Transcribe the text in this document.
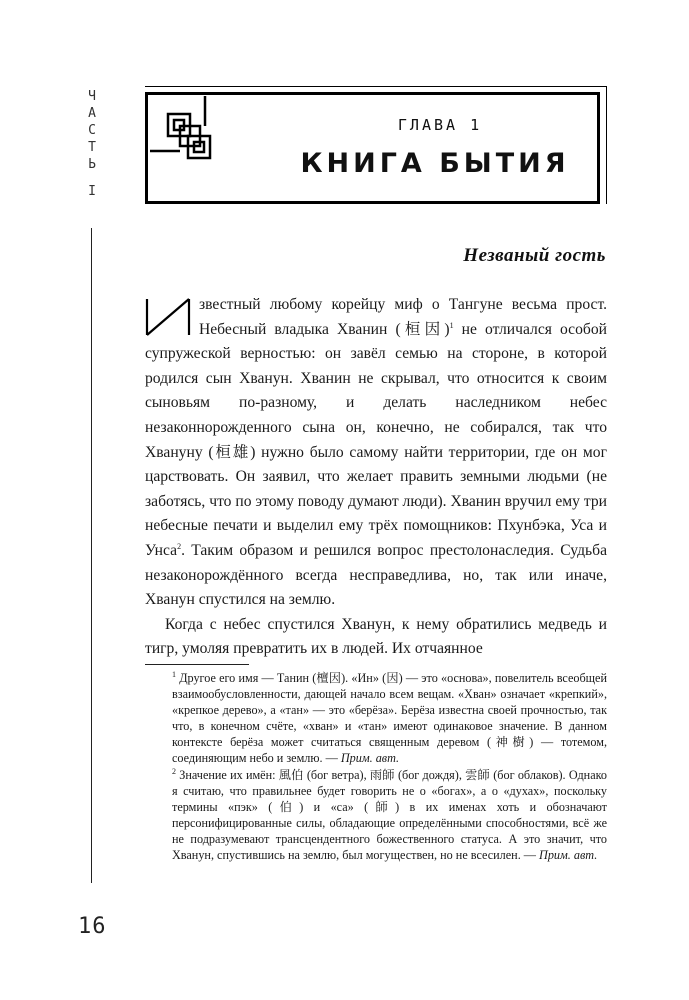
Ч
А
С
Т
Ь
I
16
ГЛАВА 1
КНИГА БЫТИЯ
Незваный гость

звестный любому корейцу миф о Тангуне весьма прост. Небесный владыка Хванин (桓因)$^1$ не отличался особой супружеской верностью: он завёл семью на стороне, в которой родился сын Хванун. Хванин не скрывал, что относится к своим сыновьям по-разному, и делать наследником небес незаконнорожденного сына он, конечно, не собирался, так что Хвануну (桓雄) нужно было самому найти территории, где он мог царствовать. Он заявил, что желает править земными людьми (не заботясь, что по этому поводу думают люди). Хванин вручил ему три небесные печати и выделил ему трёх помощников: Пхунбэка, Уса и Унса$^2$. Таким образом и решился вопрос престолонаследия. Судьба незаконорождённого всегда несправедлива, но, так или иначе, Хванун спустился на землю.

Когда с небес спустился Хванун, к нему обратились медведь и тигр, умоляя превратить их в людей. Их отчаянное

$^1$ Другое его имя — Танин (檀因). «Ин» (因) — это «основа», повелитель всеобщей взаимообусловленности, дающей начало всем вещам. «Хван» означает «крепкий», «крепкое дерево», а «тан» — это «берёза». Берёза известна своей прочностью, так что, в конечном счёте, «хван» и «тан» имеют одинаковое значение. В данном контексте берёза может считаться священным деревом (神樹) — тотемом, соединяющим небо и землю. — Прим. авт.

$^2$ Значение их имён: 風伯 (бог ветра), 雨師 (бог дождя), 雲師 (бог облаков). Однако я считаю, что правильнее будет говорить не о «богах», а о «духах», поскольку термины «пэк» (伯) и «са» (師) в их именах хоть и обозначают персонифицированные силы, обладающие определёнными способностями, всё же не подразумевают трансцендентного божественного статуса. А это значит, что Хванун, спустившись на землю, был могуществен, но не всесилен. — Прим. авт.
